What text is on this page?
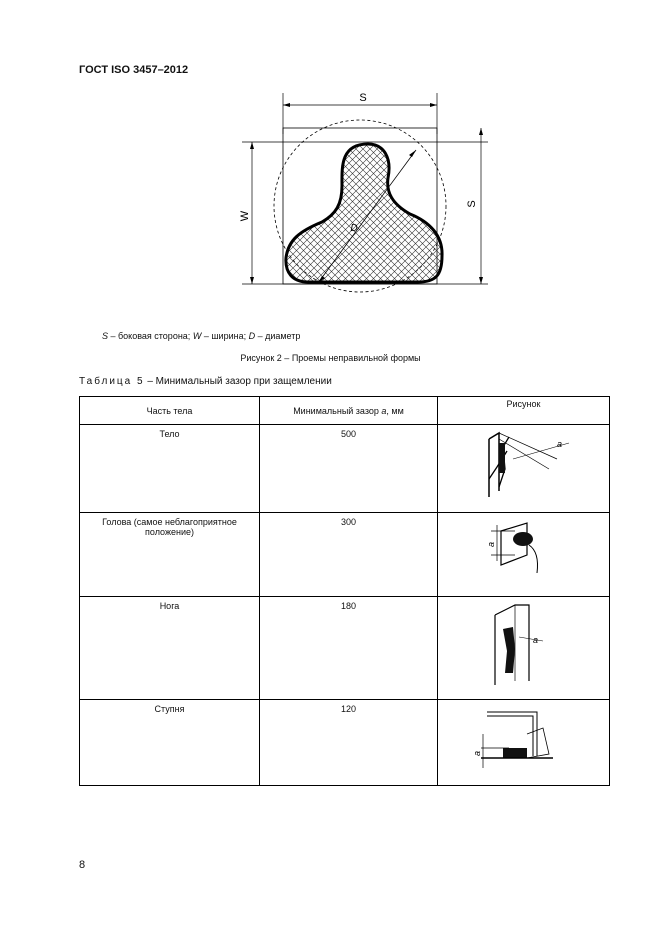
ГОСТ ISO 3457–2012
S
S
W
D
S – боковая сторона; W – ширина; D – диаметр
Рисунок 2 – Проемы неправильной формы
Таблица 5 – Минимальный зазор при защемлении
Часть тела	Минимальный зазор a, мм	Рисунок
Тело	500	a

Голова (самое неблагоприятное положение)	300	a

Нога	180	a

Ступня	120	a
8
